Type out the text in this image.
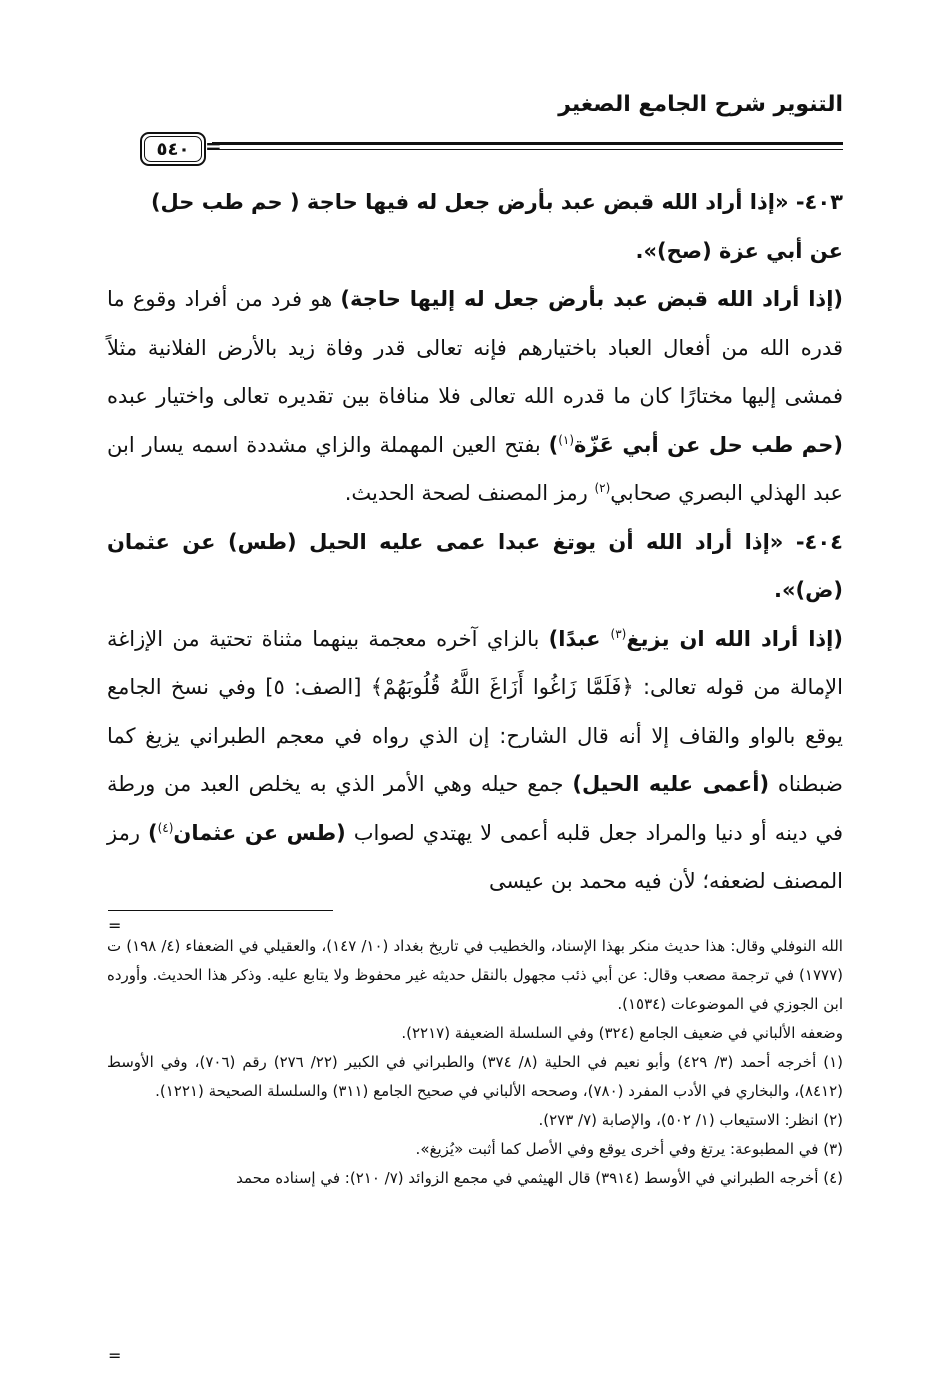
التنوير شرح الجامع الصغير
=
٥٤٠

٤٠٣- «إذا أراد الله قبض عبد بأرض جعل له فيها حاجة ( حم طب حل)

عن أبي عزة (صح)».

(إذا أراد الله قبض عبد بأرض جعل له إليها حاجة) هو فرد من أفراد وقوع ما قدره الله من أفعال العباد باختيارهم فإنه تعالى قدر وفاة زيد بالأرض الفلانية مثلاً فمشى إليها مختارًا كان ما قدره الله تعالى فلا منافاة بين تقديره تعالى واختيار عبده (حم طب حل عن أبي عَزّة$^{(١)}$) بفتح العين المهملة والزاي مشددة اسمه يسار ابن عبد الهذلي البصري صحابي$^{(٢)}$ رمز المصنف لصحة الحديث.

٤٠٤- «إذا أراد الله أن يوتغ عبدا عمى عليه الحيل (طس) عن عثمان (ض)».

(إذا أراد الله ان يزيغ$^{(٣)}$ عبدًا) بالزاي آخره معجمة بينهما مثناة تحتية من الإزاغة الإمالة من قوله تعالى: ﴿فَلَمَّا زَاغُوا أَزَاغَ اللَّهُ قُلُوبَهُمْ﴾ [الصف: ٥] وفي نسخ الجامع يوقع بالواو والقاف إلا أنه قال الشارح: إن الذي رواه في معجم الطبراني يزيغ كما ضبطناه (أعمى عليه الحيل) جمع حيله وهي الأمر الذي به يخلص العبد من ورطة في دينه أو دنيا والمراد جعل قلبه أعمى لا يهتدي لصواب (طس عن عثمان$^{(٤)}$) رمز المصنف لضعفه؛ لأن فيه محمد بن عيسى

=

الله النوفلي وقال: هذا حديث منكر بهذا الإسناد، والخطيب في تاريخ بغداد (١٠/ ١٤٧)، والعقيلي في الضعفاء (٤/ ١٩٨) ت (١٧٧٧) في ترجمة مصعب وقال: عن أبي ذئب مجهول بالنقل حديثه غير محفوظ ولا يتابع عليه. وذكر هذا الحديث. وأورده ابن الجوزي في الموضوعات (١٥٣٤).

وضعفه الألباني في ضعيف الجامع (٣٢٤) وفي السلسلة الضعيفة (٢٢١٧).

(١) أخرجه أحمد (٣/ ٤٢٩) وأبو نعيم في الحلية (٨/ ٣٧٤) والطبراني في الكبير (٢٢/ ٢٧٦) رقم (٧٠٦)، وفي الأوسط (٨٤١٢)، والبخاري في الأدب المفرد (٧٨٠)، وصححه الألباني في صحيح الجامع (٣١١) والسلسلة الصحيحة (١٢٢١).

(٢) انظر: الاستيعاب (١/ ٥٠٢)، والإصابة (٧/ ٢٧٣).

(٣) في المطبوعة: يرتغ وفي أخرى يوقع وفي الأصل كما أثبت «يُزيغ».

(٤) أخرجه الطبراني في الأوسط (٣٩١٤) قال الهيثمي في مجمع الزوائد (٧/ ٢١٠): في إسناده محمد

=
